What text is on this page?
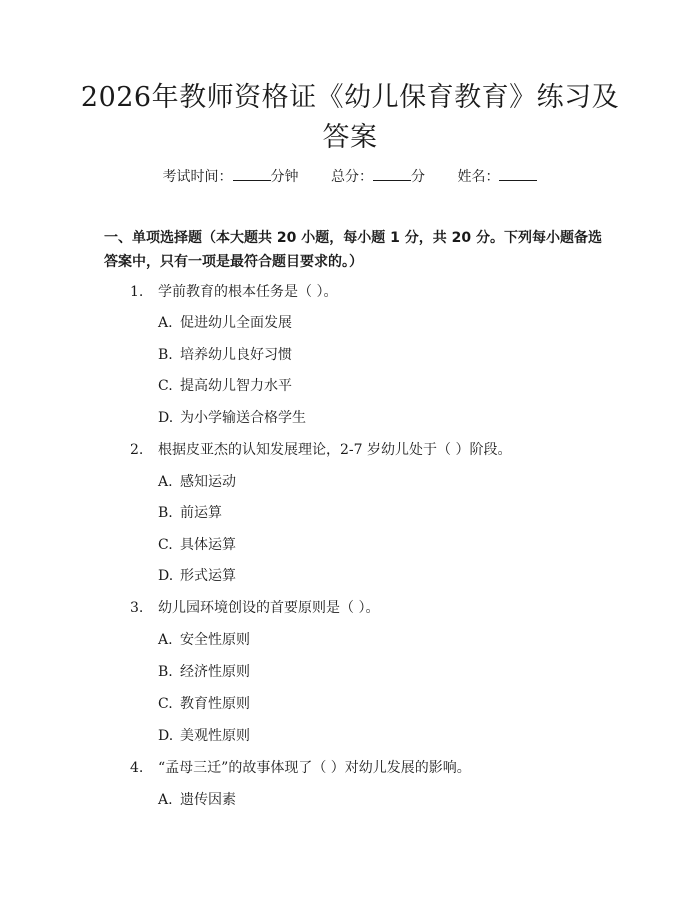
2026年教师资格证《幼儿保育教育》练习及
答案
考试时间：	分钟 总分：	分 姓名：
一、单项选择题（本大题共 20 小题，每小题 1 分，共 20 分。下列每小题备选答案中，只有一项是最符合题目要求的。）
1. 学前教育的根本任务是（ ）。
A. 促进幼儿全面发展
B. 培养幼儿良好习惯
C. 提高幼儿智力水平
D. 为小学输送合格学生
2. 根据皮亚杰的认知发展理论，2-7 岁幼儿处于（ ）阶段。
A. 感知运动
B. 前运算
C. 具体运算
D. 形式运算
3. 幼儿园环境创设的首要原则是（ ）。
A. 安全性原则
B. 经济性原则
C. 教育性原则
D. 美观性原则
4. “孟母三迁”的故事体现了（ ）对幼儿发展的影响。
A. 遗传因素
